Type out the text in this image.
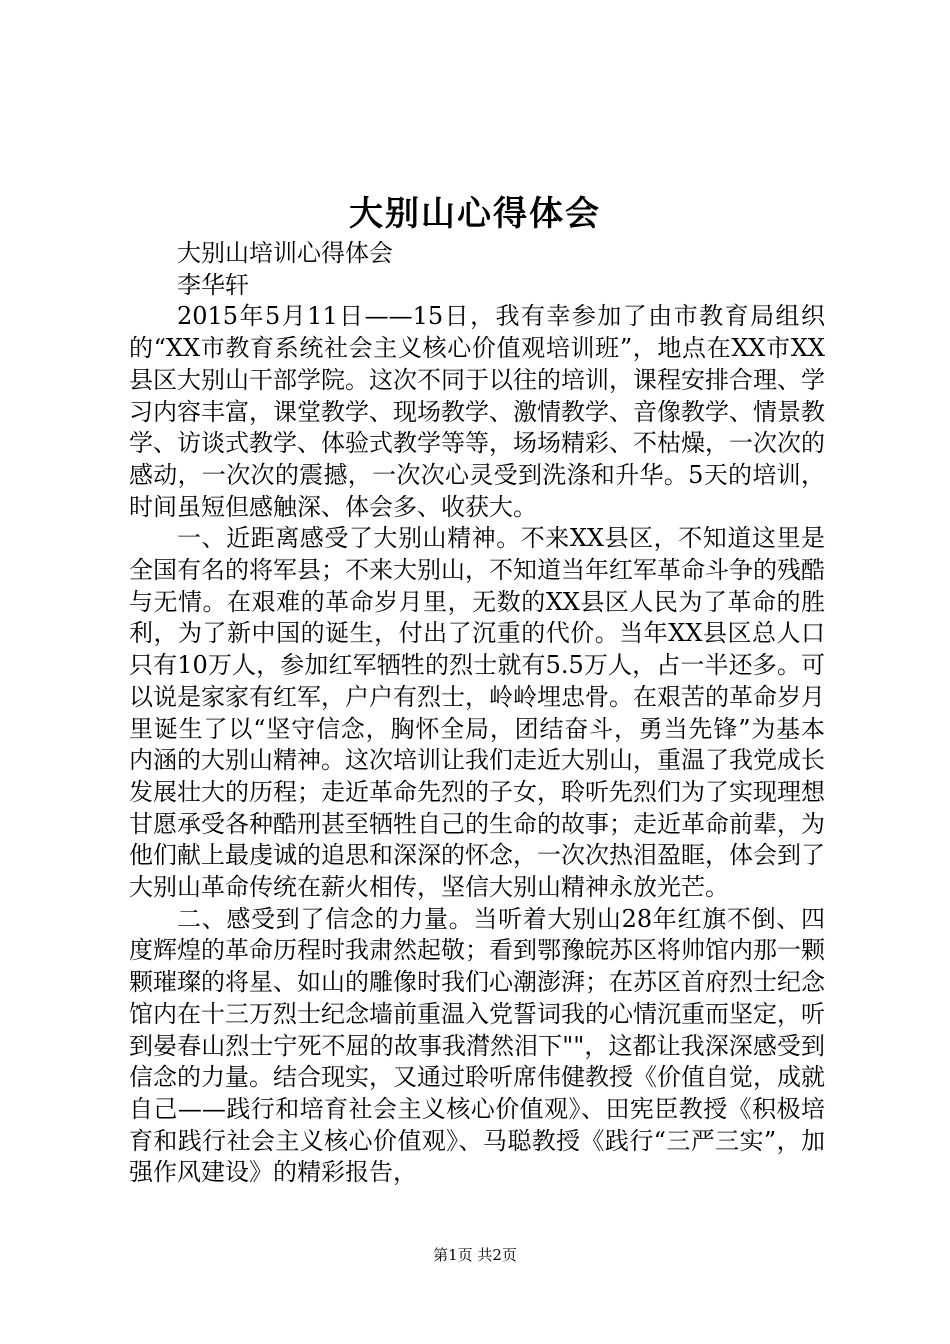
大别山心得体会

大别山培训心得体会

李华轩

2015年5月11日——15日，我有幸参加了由市教育局组织的“XX市教育系统社会主义核心价值观培训班”，地点在XX市XX县区大别山干部学院。这次不同于以往的培训，课程安排合理、学习内容丰富，课堂教学、现场教学、激情教学、音像教学、情景教学、访谈式教学、体验式教学等等，场场精彩、不枯燥，一次次的感动，一次次的震撼，一次次心灵受到洗涤和升华。5天的培训，时间虽短但感触深、体会多、收获大。

一、近距离感受了大别山精神。不来XX县区，不知道这里是全国有名的将军县；不来大别山，不知道当年红军革命斗争的残酷与无情。在艰难的革命岁月里，无数的XX县区人民为了革命的胜利，为了新中国的诞生，付出了沉重的代价。当年XX县区总人口只有10万人，参加红军牺牲的烈士就有5.5万人，占一半还多。可以说是家家有红军，户户有烈士，岭岭埋忠骨。在艰苦的革命岁月里诞生了以“坚守信念，胸怀全局，团结奋斗，勇当先锋”为基本内涵的大别山精神。这次培训让我们走近大别山，重温了我党成长发展壮大的历程；走近革命先烈的子女，聆听先烈们为了实现理想甘愿承受各种酷刑甚至牺牲自己的生命的故事；走近革命前辈，为他们献上最虔诚的追思和深深的怀念，一次次热泪盈眶，体会到了大别山革命传统在薪火相传，坚信大别山精神永放光芒。

二、感受到了信念的力量。当听着大别山28年红旗不倒、四度辉煌的革命历程时我肃然起敬；看到鄂豫皖苏区将帅馆内那一颗颗璀璨的将星、如山的雕像时我们心潮澎湃；在苏区首府烈士纪念馆内在十三万烈士纪念墙前重温入党誓词我的心情沉重而坚定，听到晏春山烈士宁死不屈的故事我潸然泪下""，这都让我深深感受到信念的力量。结合现实，又通过聆听席伟健教授《价值自觉，成就自己——践行和培育社会主义核心价值观》、田宪臣教授《积极培育和践行社会主义核心价值观》、马聪教授《践行“三严三实”，加强作风建设》的精彩报告，

第1页 共2页
